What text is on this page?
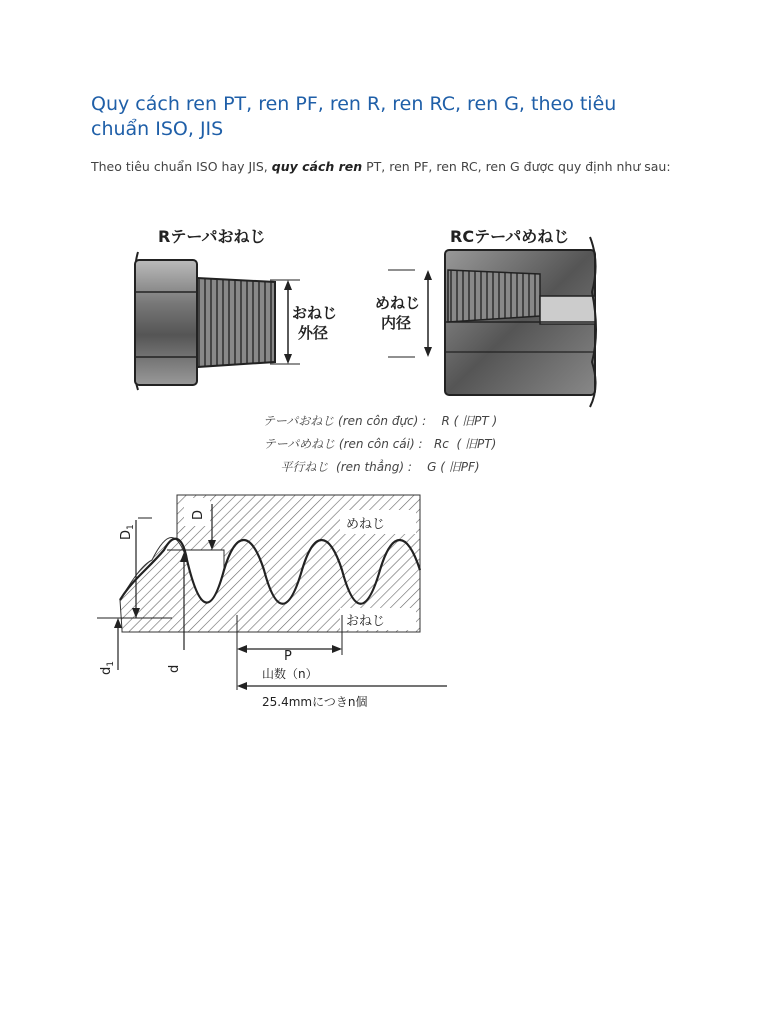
Quy cách ren PT, ren PF, ren R, ren RC, ren G, theo tiêu chuẩn ISO, JIS

Theo tiêu chuẩn ISO hay JIS, quy cách ren PT, ren PF, ren RC, ren G được quy định như sau:

Rテーパおねじ
おねじ
外径
RCテーパめねじ
めねじ
内径
テーパおねじ (ren côn đực) :    R ( 旧PT )
テーパめねじ (ren côn cái) :   Rc  ( 旧PT)
平行ねじ  (ren thẳng) :    G ( 旧PF)
めねじ
おねじ
$D_1$
D
$d_1$
d
P
山数（n）
25.4mmにつきn個
